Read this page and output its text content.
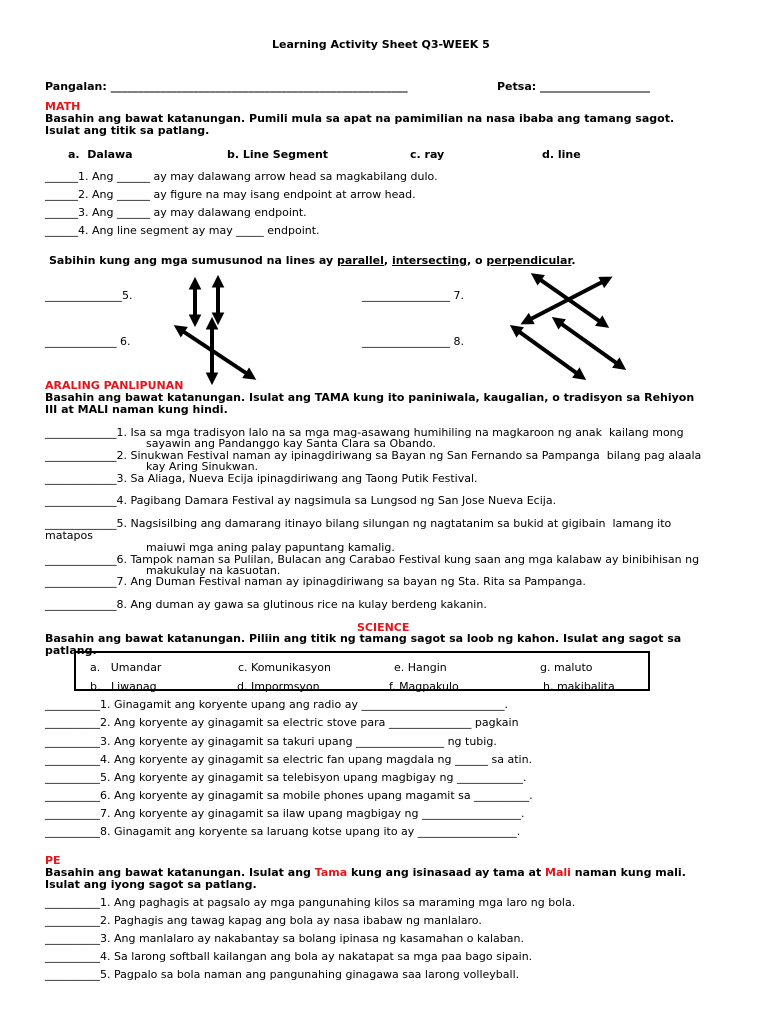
Learning Activity Sheet Q3-WEEK 5
Pangalan: ______________________________________________________	Petsa: ____________________
MATH
Basahin ang bawat katanungan. Pumili mula sa apat na pamimilian na nasa ibaba ang tamang sagot.
Isulat ang titik sa patlang.
a.  Dalawa	b. Line Segment	c. ray	d. line
______1. Ang ______ ay may dalawang arrow head sa magkabilang dulo.
______2. Ang ______ ay figure na may isang endpoint at arrow head.
______3. Ang ______ ay may dalawang endpoint.
______4. Ang line segment ay may _____ endpoint.
Sabihin kung ang mga sumusunod na lines ay parallel, intersecting, o perpendicular.
______________5.
_____________ 6.
________________ 7.
________________ 8.
ARALING PANLIPUNAN
Basahin ang bawat katanungan. Isulat ang TAMA kung ito paniniwala, kaugalian, o tradisyon sa Rehiyon
III at MALI naman kung hindi.
_____________1. Isa sa mga tradisyon lalo na sa mga mag-asawang humihiling na magkaroon ng anak  kailang mong
sayawin ang Pandanggo kay Santa Clara sa Obando.
_____________2. Sinukwan Festival naman ay ipinagdiriwang sa Bayan ng San Fernando sa Pampanga  bilang pag alaala
kay Aring Sinukwan.
_____________3. Sa Aliaga, Nueva Ecija ipinagdiriwang ang Taong Putik Festival.
_____________4. Pagibang Damara Festival ay nagsimula sa Lungsod ng San Jose Nueva Ecija.
_____________5. Nagsisilbing ang damarang itinayo bilang silungan ng nagtatanim sa bukid at gigibain  lamang ito
matapos
maiuwi mga aning palay papuntang kamalig.
_____________6. Tampok naman sa Pulilan, Bulacan ang Carabao Festival kung saan ang mga kalabaw ay binibihisan ng
makukulay na kasuotan.
_____________7. Ang Duman Festival naman ay ipinagdiriwang sa bayan ng Sta. Rita sa Pampanga.
_____________8. Ang duman ay gawa sa glutinous rice na kulay berdeng kakanin.
SCIENCE
Basahin ang bawat katanungan. Piliin ang titik ng tamang sagot sa loob ng kahon. Isulat ang sagot sa
patlang.
a.   Umandar	c. Komunikasyon	e. Hangin	g. maluto
b.   Liwanag	d. Impormsyon	f. Magpakulo	h. makibalita
__________1. Ginagamit ang koryente upang ang radio ay __________________________.
__________2. Ang koryente ay ginagamit sa electric stove para _______________ pagkain
__________3. Ang koryente ay ginagamit sa takuri upang ________________ ng tubig.
__________4. Ang koryente ay ginagamit sa electric fan upang magdala ng ______ sa atin.
__________5. Ang koryente ay ginagamit sa telebisyon upang magbigay ng ____________.
__________6. Ang koryente ay ginagamit sa mobile phones upang magamit sa __________.
__________7. Ang koryente ay ginagamit sa ilaw upang magbigay ng __________________.
__________8. Ginagamit ang koryente sa laruang kotse upang ito ay __________________.
PE
Basahin ang bawat katanungan. Isulat ang Tama kung ang isinasaad ay tama at Mali naman kung mali.
Isulat ang iyong sagot sa patlang.
__________1. Ang paghagis at pagsalo ay mga pangunahing kilos sa maraming mga laro ng bola.
__________2. Paghagis ang tawag kapag ang bola ay nasa ibabaw ng manlalaro.
__________3. Ang manlalaro ay nakabantay sa bolang ipinasa ng kasamahan o kalaban.
__________4. Sa larong softball kailangan ang bola ay nakatapat sa mga paa bago sipain.
__________5. Pagpalo sa bola naman ang pangunahing ginagawa saa larong volleyball.
